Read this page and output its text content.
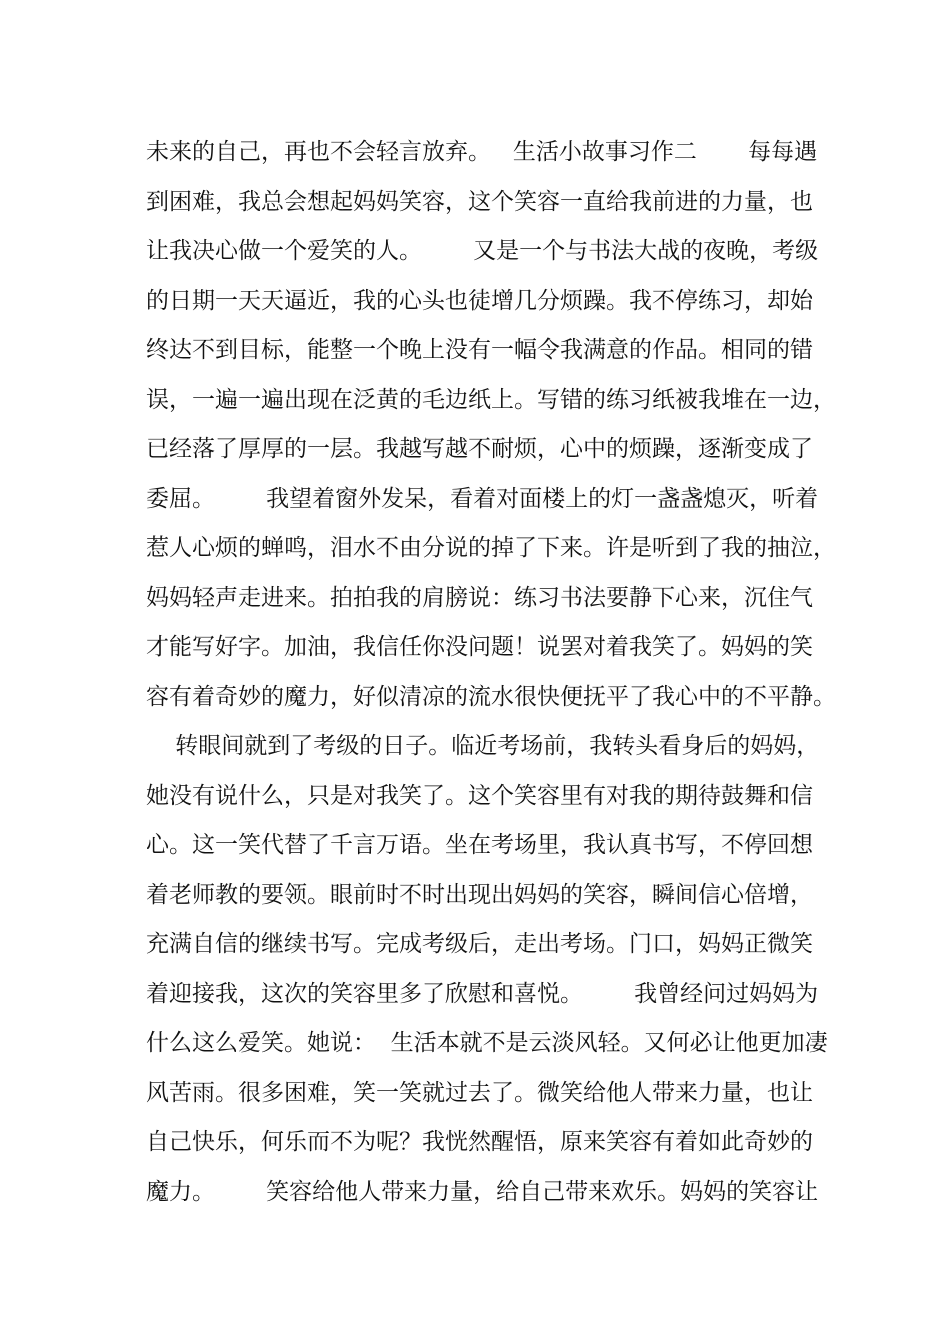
未来的自己，再也不会轻言放弃。   生活小故事习作二       每每遇
到困难，我总会想起妈妈笑容，这个笑容一直给我前进的力量，也
让我决心做一个爱笑的人。       又是一个与书法大战的夜晚，考级
的日期一天天逼近，我的心头也徒增几分烦躁。我不停练习，却始
终达不到目标，能整一个晚上没有一幅令我满意的作品。相同的错
误，一遍一遍出现在泛黄的毛边纸上。写错的练习纸被我堆在一边，
已经落了厚厚的一层。我越写越不耐烦，心中的烦躁，逐渐变成了
委屈。       我望着窗外发呆，看着对面楼上的灯一盏盏熄灭，听着
惹人心烦的蝉鸣，泪水不由分说的掉了下来。许是听到了我的抽泣，
妈妈轻声走进来。拍拍我的肩膀说：练习书法要静下心来，沉住气
才能写好字。加油，我信任你没问题！说罢对着我笑了。妈妈的笑
容有着奇妙的魔力，好似清凉的流水很快便抚平了我心中的不平静。
转眼间就到了考级的日子。临近考场前，我转头看身后的妈妈，
她没有说什么，只是对我笑了。这个笑容里有对我的期待鼓舞和信
心。这一笑代替了千言万语。坐在考场里，我认真书写，不停回想
着老师教的要领。眼前时不时出现出妈妈的笑容，瞬间信心倍增，
充满自信的继续书写。完成考级后，走出考场。门口，妈妈正微笑
着迎接我，这次的笑容里多了欣慰和喜悦。       我曾经问过妈妈为
什么这么爱笑。她说：  生活本就不是云淡风轻。又何必让他更加凄
风苦雨。很多困难，笑一笑就过去了。微笑给他人带来力量，也让
自己快乐，何乐而不为呢？我恍然醒悟，原来笑容有着如此奇妙的
魔力。       笑容给他人带来力量，给自己带来欢乐。妈妈的笑容让
